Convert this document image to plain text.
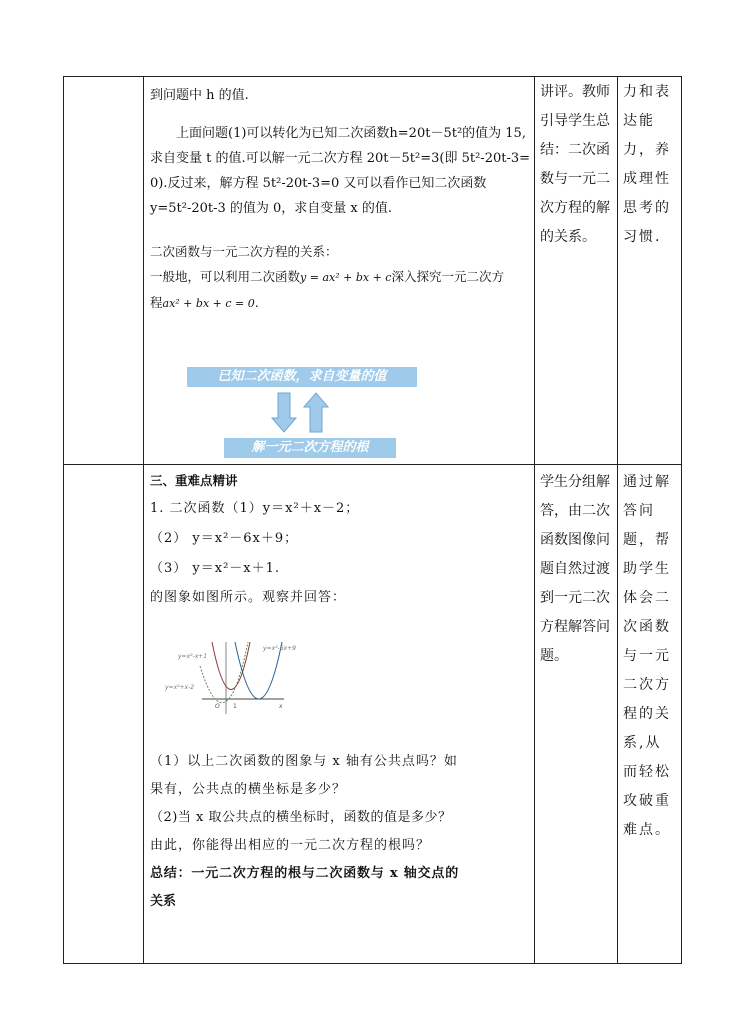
到问题中 h 的值.

上面问题(1)可以转化为已知二次函数h=20t－5t²的值为 15,

求自变量 t 的值.可以解一元二次方程 20t－5t²=3(即 5t²-20t-3=

0).反过来，解方程 5t²-20t-3=0 又可以看作已知二次函数

y=5t²-20t-3 的值为 0，求自变量 x 的值.

二次函数与一元二次方程的关系：

一般地，可以利用二次函数y = ax² + bx + c深入探究一元二次方

程ax² + bx + c = 0.

已知二次函数，求自变量的值
解一元二次方程的根
讲评。教师引导学生总结：二次函数与一元二次方程的解的关系。
力和表达能力，养成理性思考的习惯.

三、重难点精讲

1. 二次函数（1）y＝x²＋x－2；

（2） y＝x²－6x＋9；

（3） y＝x²－x＋1.

的图象如图所示。观察并回答：

y=x²-x+1
y=x²-6x+9
y=x²+x-2
O 1	x

（1）以上二次函数的图象与 x 轴有公共点吗？如

果有，公共点的横坐标是多少？

（2)当 x 取公共点的横坐标时，函数的值是多少？

由此，你能得出相应的一元二次方程的根吗？

总结：一元二次方程的根与二次函数与 x 轴交点的

关系

学生分组解答，由二次函数图像问题自然过渡到一元二次方程解答问题。
通过解答问题，帮助学生体会二次函数与一元二次方程的关系,从而轻松攻破重难点。
